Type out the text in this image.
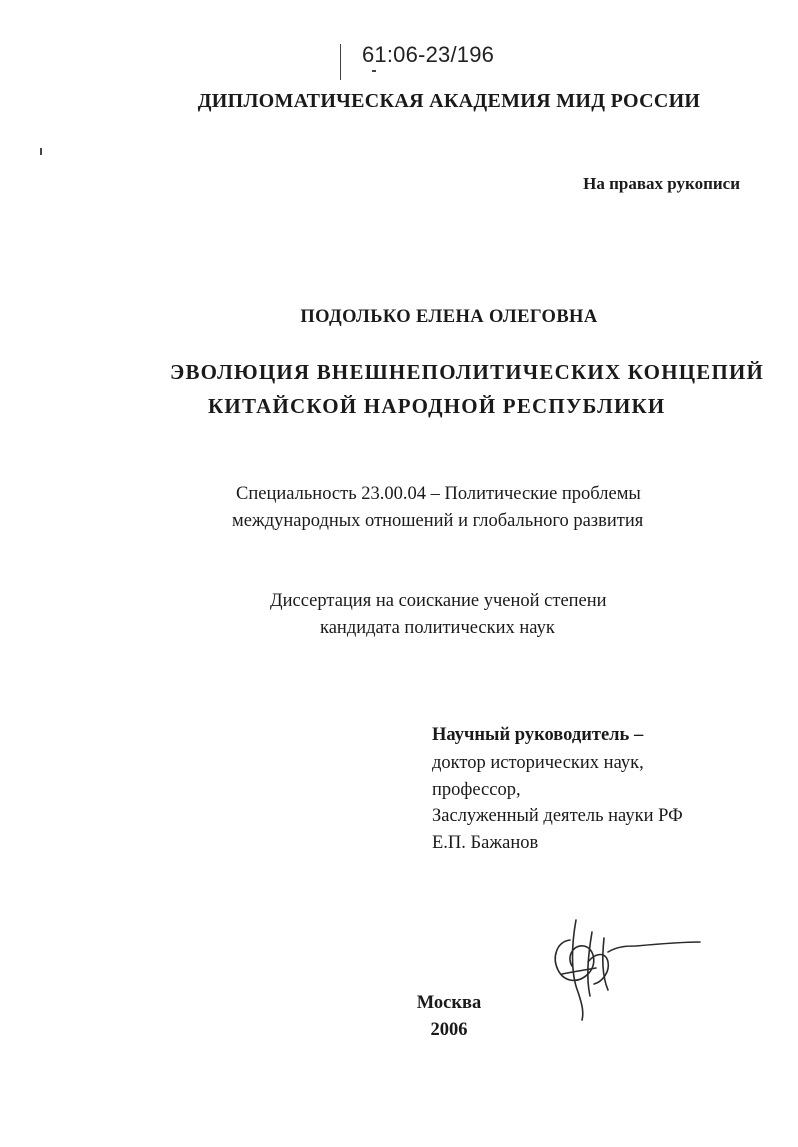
61:06-23/196
ДИПЛОМАТИЧЕСКАЯ АКАДЕМИЯ МИД РОССИИ
На правах рукописи
ПОДОЛЬКО ЕЛЕНА ОЛЕГОВНА
ЭВОЛЮЦИЯ ВНЕШНЕПОЛИТИЧЕСКИХ КОНЦЕПИЙ
КИТАЙСКОЙ НАРОДНОЙ РЕСПУБЛИКИ
Специальность 23.00.04 – Политические проблемы
международных отношений и глобального развития
Диссертация на соискание ученой степени
кандидата политических наук
Научный руководитель –
доктор исторических наук,
профессор,
Заслуженный деятель науки РФ
Е.П. Бажанов
Москва
2006
